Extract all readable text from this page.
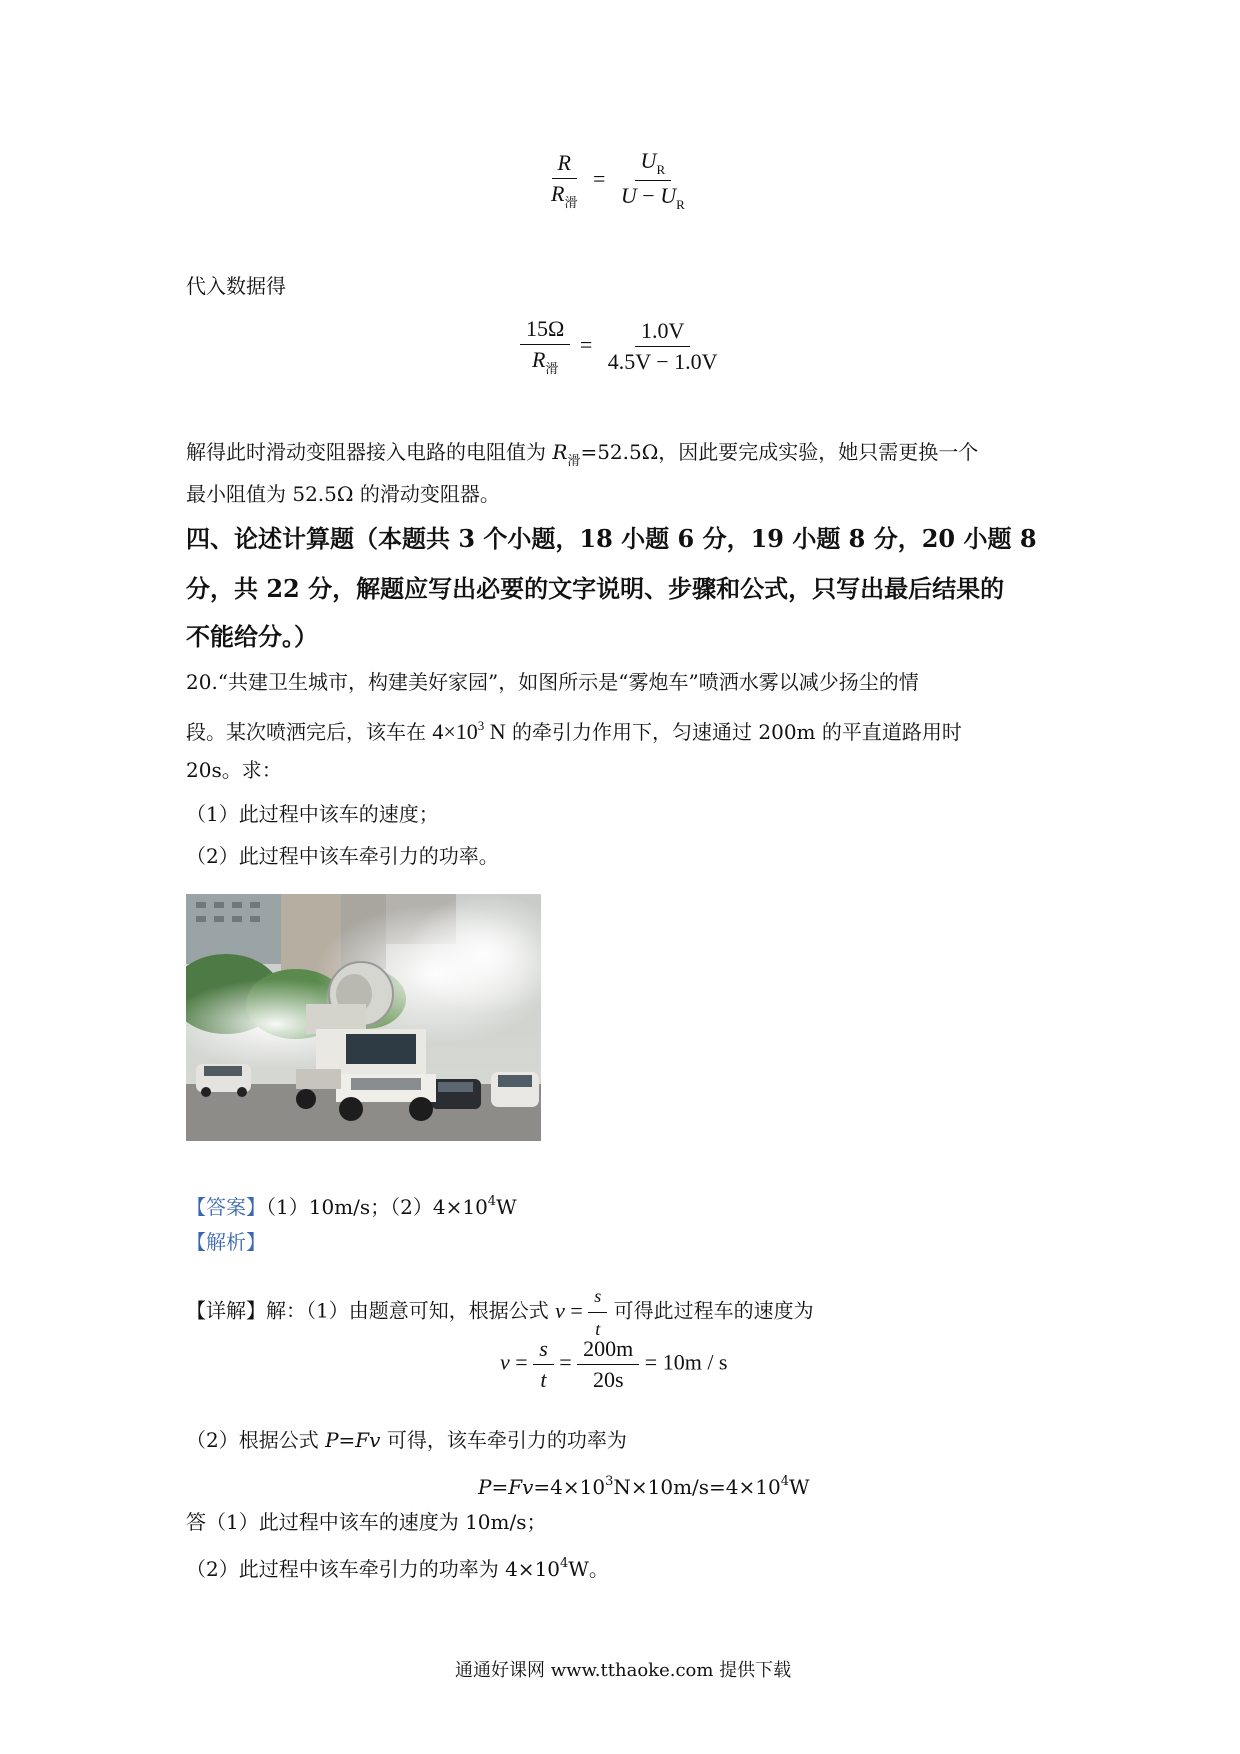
$\frac{R}{R_滑} = \frac{U_R}{U - U_R}$
代入数据得
$\frac{15\Omega}{R_滑} = \frac{1.0V}{4.5V - 1.0V}$
解得此时滑动变阻器接入电路的电阻值为 $R_滑=52.5\Omega$，因此要完成实验，她只需更换一个
最小阻值为 52.5Ω 的滑动变阻器。
四、论述计算题（本题共 3 个小题，18 小题 6 分，19 小题 8 分，20 小题 8
分，共 22 分，解题应写出必要的文字说明、步骤和公式，只写出最后结果的
不能给分。）
20.“共建卫生城市，构建美好家园”，如图所示是“雾炮车”喷洒水雾以减少扬尘的情
段。某次喷洒完后，该车在 $4\times 10^3$ N 的牵引力作用下，匀速通过 200m 的平直道路用时
20s。求：
（1）此过程中该车的速度；
（2）此过程中该车牵引力的功率。
【答案】（1）10m/s；$(2)4\times 10^4W$
【解析】
【详解】解：（1）由题意可知，根据公式 $v = \frac{s}{t}$ 可得此过程车的速度为
$v = \frac{s}{t} = \frac{200m}{20s} = 10m / s$
（2）根据公式 P=Fv 可得，该车牵引力的功率为
$P=Fv=4\times 10^3N\times 10m/s=4\times 10^4W$
答（1）此过程中该车的速度为 10m/s；
（2）此过程中该车牵引力的功率为 $4\times 10^4W$。
通通好课网 www.tthaoke.com 提供下载
